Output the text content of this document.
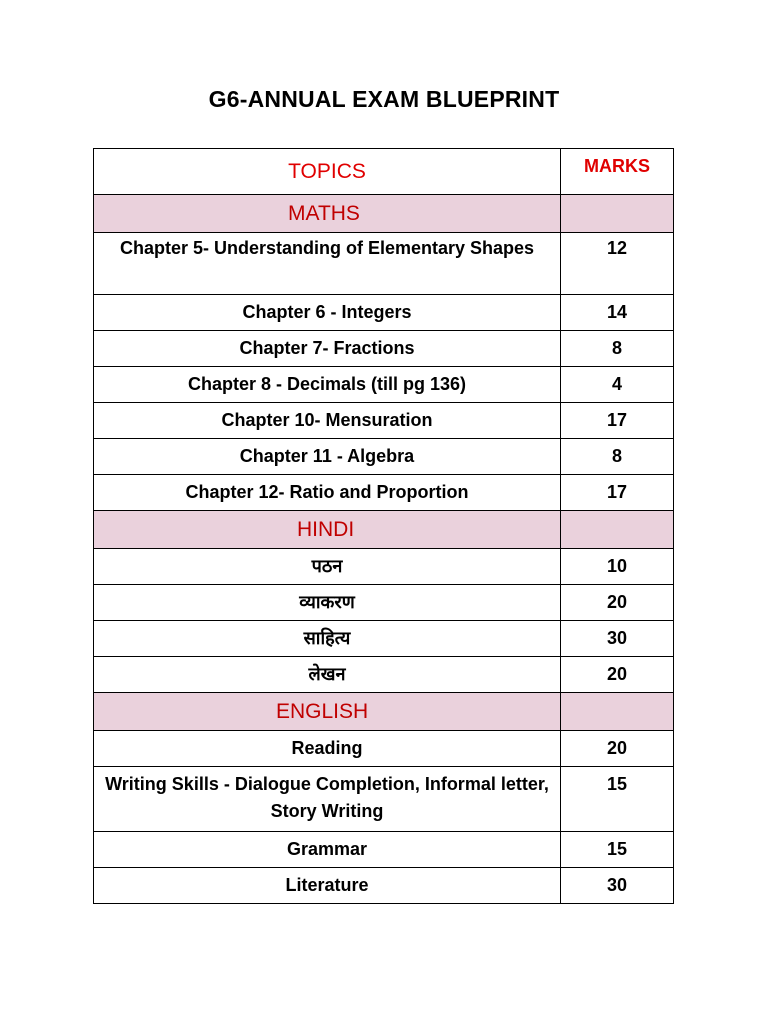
G6-ANNUAL EXAM BLUEPRINT
TOPICS	MARKS
MATHS	
Chapter 5- Understanding of Elementary Shapes	12
Chapter 6 - Integers	14
Chapter 7- Fractions	8
Chapter 8 - Decimals (till pg 136)	4
Chapter 10- Mensuration	17
Chapter 11 - Algebra	8
Chapter 12- Ratio and Proportion	17
HINDI	
पठन	10
व्याकरण	20
साहित्य	30
लेखन	20
ENGLISH	
Reading	20
Writing Skills - Dialogue Completion, Informal letter, Story Writing	15
Grammar	15
Literature	30
